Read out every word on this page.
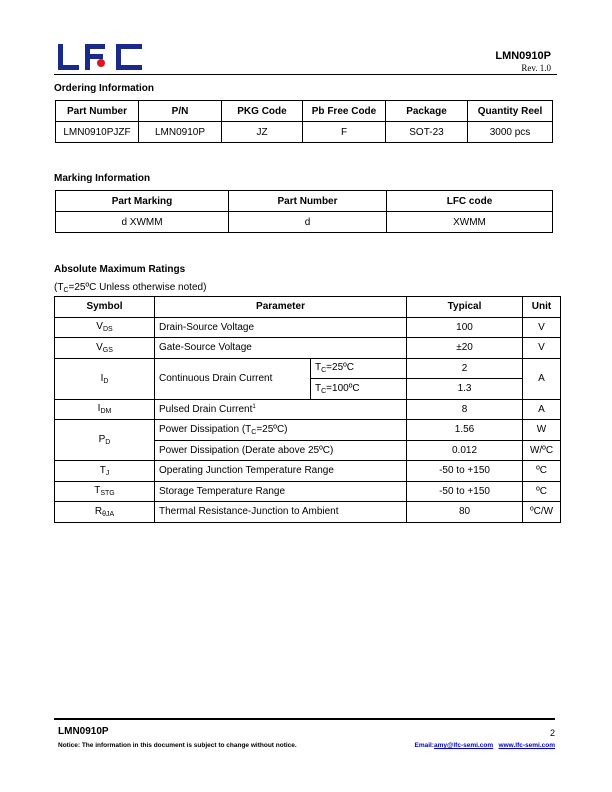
LMN0910P
Rev. 1.0
Ordering Information
Part Number	P/N	PKG Code	Pb Free Code	Package	Quantity Reel
LMN0910PJZF	LMN0910P	JZ	F	SOT-23	3000 pcs
Marking Information
Part Marking	Part Number	LFC code
d XWMM	d	XWMM
Absolute Maximum Ratings
($T_C=25ºC$ Unless otherwise noted)
Symbol	Parameter		Typical	Unit
$V_{DS}$	Drain-Source Voltage		100	V
$V_{GS}$	Gate-Source Voltage		±20	V
$I_D$	Continuous Drain Current	$T_C=25ºC$	2	A
		$T_C=100ºC$	1.3	
$I_{DM}$	Pulsed Drain Current$^1$		8	A
$P_D$	Power Dissipation $(T_C=25ºC)$		1.56	W
	Power Dissipation (Derate above 25ºC)		0.012	W/ºC
$T_J$	Operating Junction Temperature Range		-50 to +150	ºC
$T_{STG}$	Storage Temperature Range		-50 to +150	ºC
$R_{\theta JA}$	Thermal Resistance-Junction to Ambient		80	ºC/W
LMN0910P	2
Notice: The information in this document is subject to change without notice.	Email:amy@lfc-semi.com www.lfc-semi.com
